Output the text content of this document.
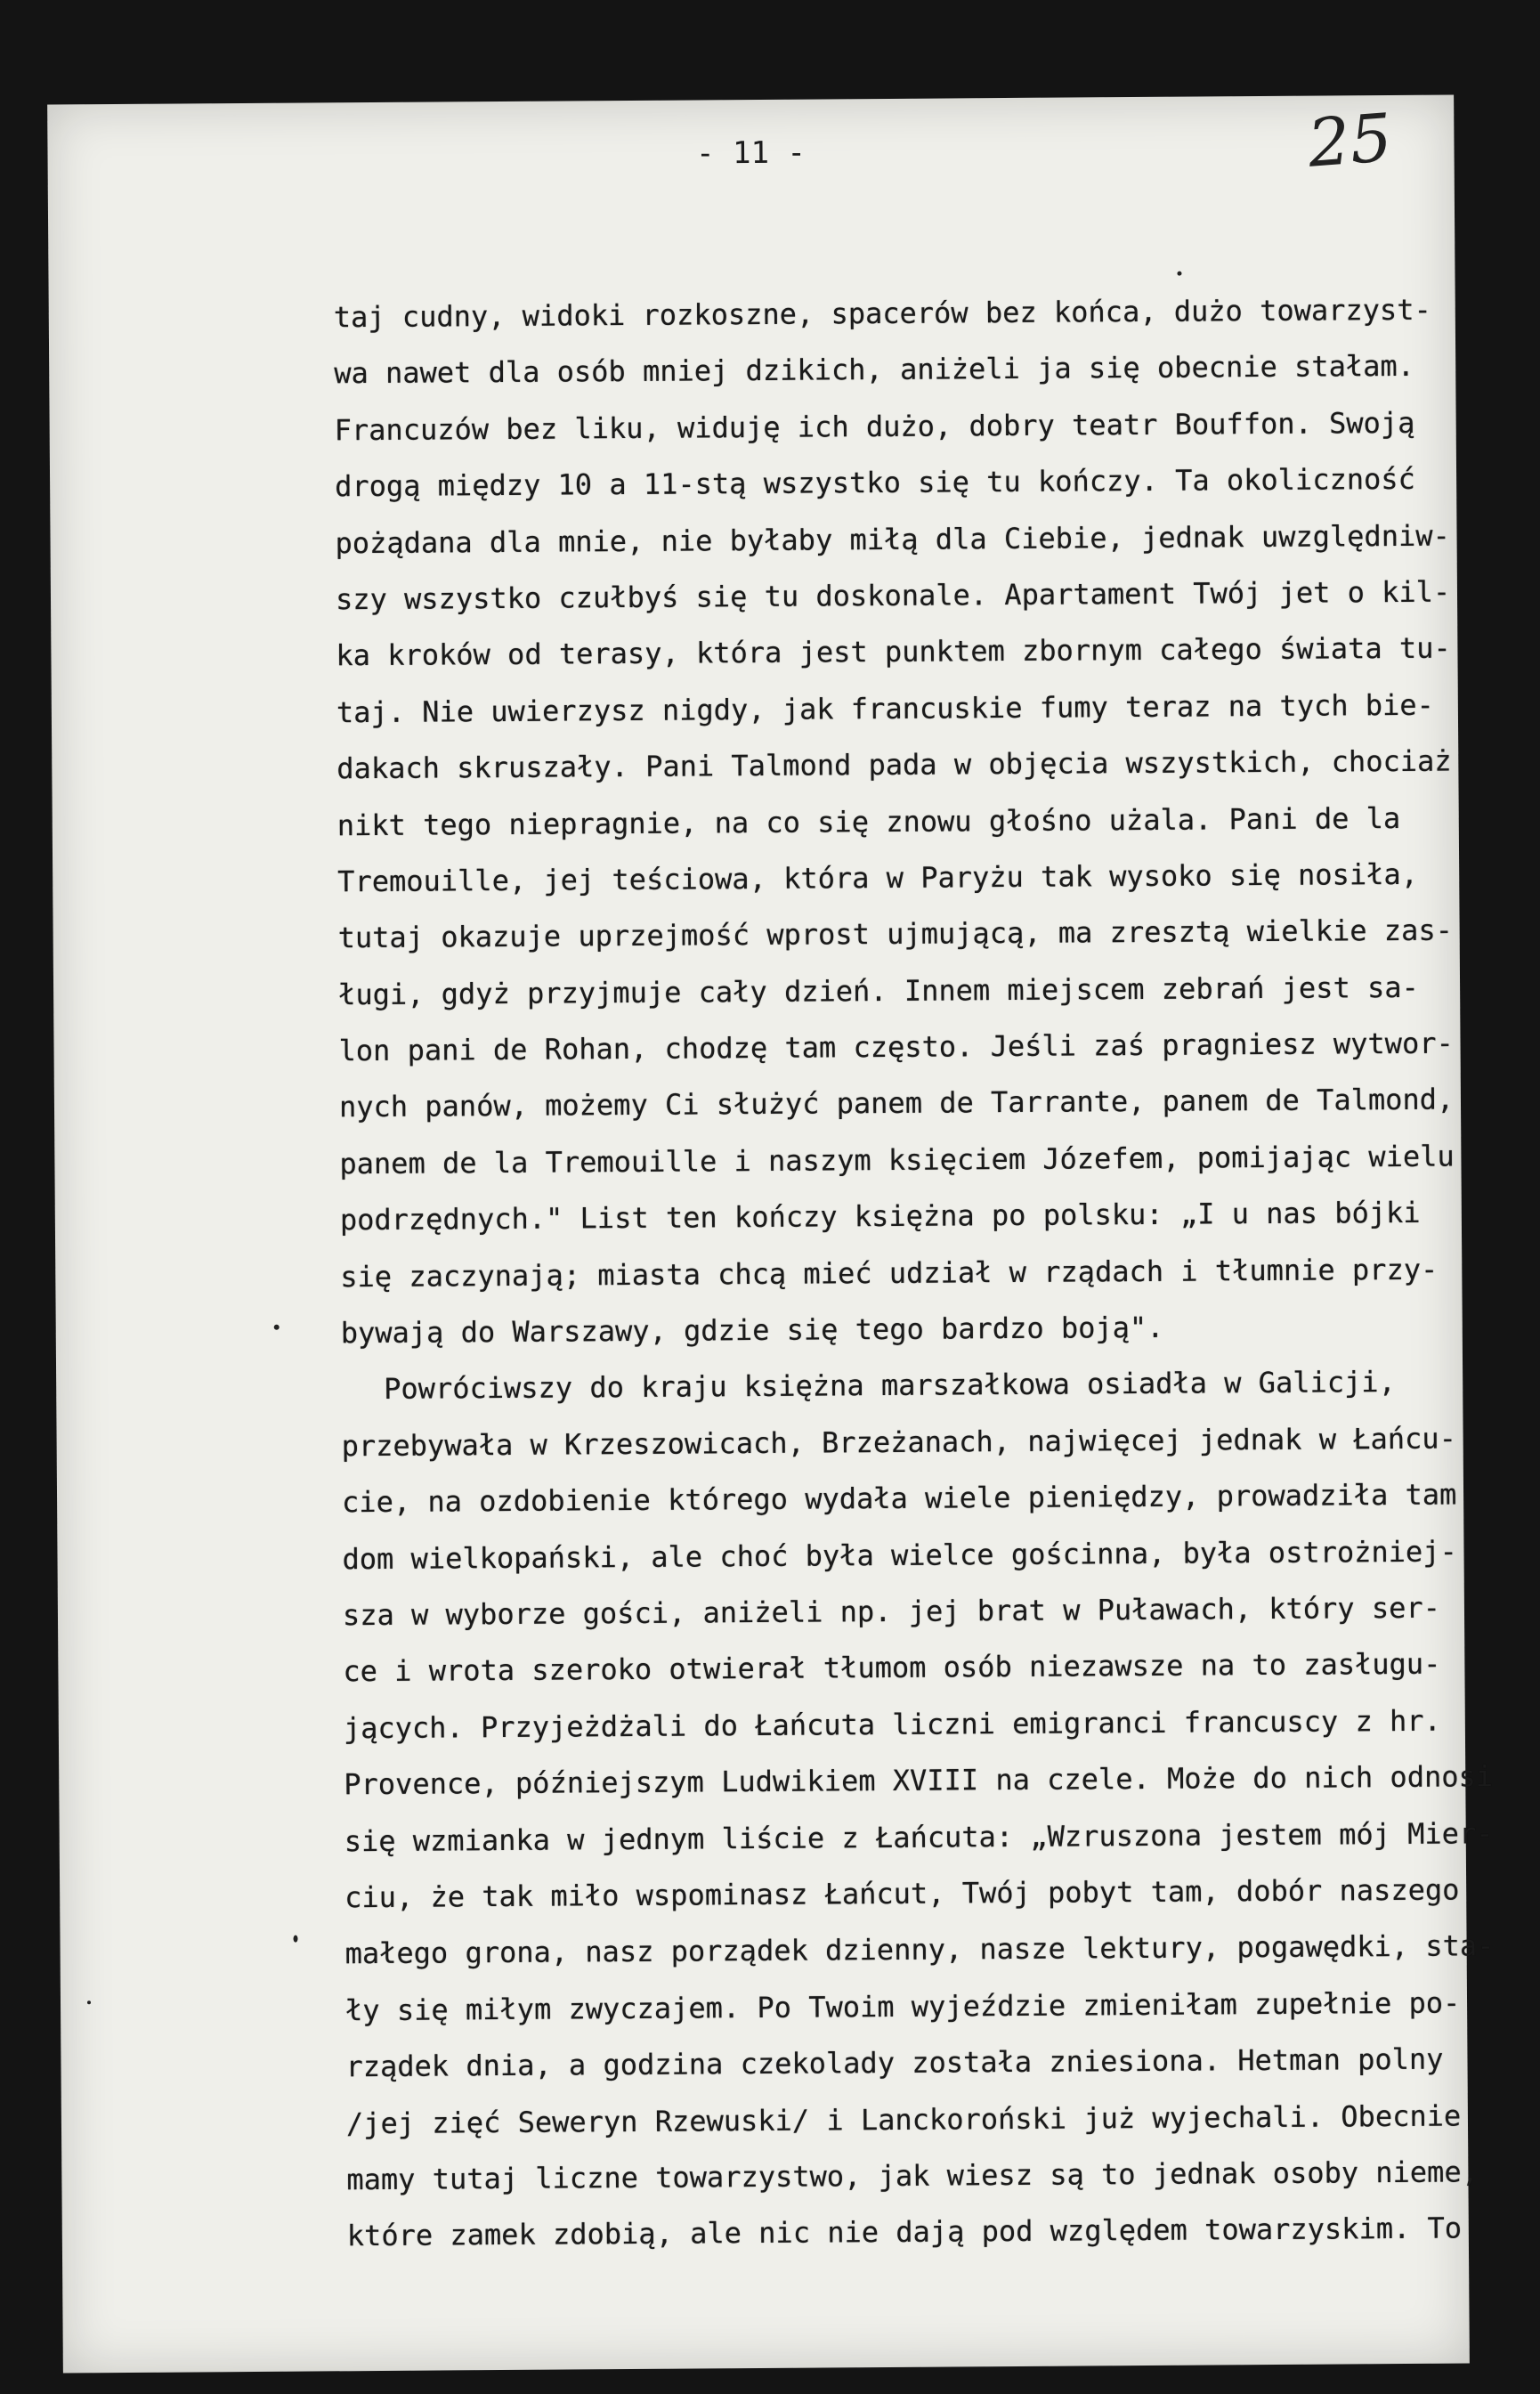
- 11 -	25

taj cudny, widoki rozkoszne, spacerów bez końca, dużo towarzyst-
wa nawet dla osób mniej dzikich, aniżeli ja się obecnie stałam.
Francuzów bez liku, widuję ich dużo, dobry teatr Bouffon. Swoją
drogą między 10 a 11-stą wszystko się tu kończy. Ta okoliczność
pożądana dla mnie, nie byłaby miłą dla Ciebie, jednak uwzględniw-
szy wszystko czułbyś się tu doskonale. Apartament Twój jet o kil-
ka kroków od terasy, która jest punktem zbornym całego świata tu-
taj. Nie uwierzysz nigdy, jak francuskie fumy teraz na tych bie-
dakach skruszały. Pani Talmond pada w objęcia wszystkich, chociaż
nikt tego niepragnie, na co się znowu głośno użala. Pani de la
Tremouille, jej teściowa, która w Paryżu tak wysoko się nosiła,
tutaj okazuje uprzejmość wprost ujmującą, ma zresztą wielkie zas-
ługi, gdyż przyjmuje cały dzień. Innem miejscem zebrań jest sa-
lon pani de Rohan, chodzę tam często. Jeśli zaś pragniesz wytwor-
nych panów, możemy Ci służyć panem de Tarrante, panem de Talmond,
panem de la Tremouille i naszym księciem Józefem, pomijając wielu
podrzędnych." List ten kończy księżna po polsku: „I u nas bójki
się zaczynają; miasta chcą mieć udział w rządach i tłumnie przy-
bywają do Warszawy, gdzie się tego bardzo boją".
Powróciwszy do kraju księżna marszałkowa osiadła w Galicji,
przebywała w Krzeszowicach, Brzeżanach, najwięcej jednak w Łańcu-
cie, na ozdobienie którego wydała wiele pieniędzy, prowadziła tam
dom wielkopański, ale choć była wielce gościnna, była ostrożniej-
sza w wyborze gości, aniżeli np. jej brat w Puławach, który ser-
ce i wrota szeroko otwierał tłumom osób niezawsze na to zasługu-
jących. Przyjeżdżali do Łańcuta liczni emigranci francuscy z hr.
Provence, późniejszym Ludwikiem XVIII na czele. Może do nich odnosi
się wzmianka w jednym liście z Łańcuta: „Wzruszona jestem mój Mier-
ciu, że tak miło wspominasz Łańcut, Twój pobyt tam, dobór naszego
małego grona, nasz porządek dzienny, nasze lektury, pogawędki, sta-
ły się miłym zwyczajem. Po Twoim wyjeździe zmieniłam zupełnie po-
rządek dnia, a godzina czekolady została zniesiona. Hetman polny
/jej zięć Seweryn Rzewuski/ i Lanckoroński już wyjechali. Obecnie
mamy tutaj liczne towarzystwo, jak wiesz są to jednak osoby nieme,
które zamek zdobią, ale nic nie dają pod względem towarzyskim. To
